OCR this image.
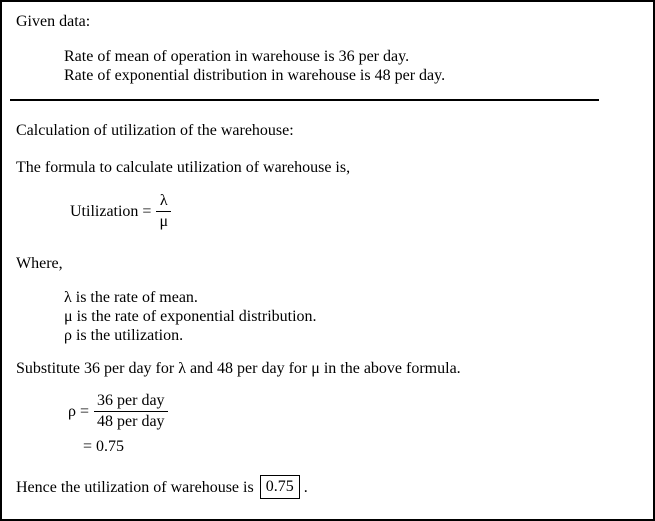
Given data:

Rate of mean of operation in warehouse is 36 per day.

Rate of exponential distribution in warehouse is 48 per day.

Calculation of utilization of the warehouse:

The formula to calculate utilization of warehouse is,

Utilization = $\frac{\lambda}{\mu}$

Where,

λ is the rate of mean.

μ is the rate of exponential distribution.

ρ is the utilization.

Substitute 36 per day for λ and 48 per day for μ in the above formula.

$\rho = \frac{\text{36 per day}}{\text{48 per day}}$

= 0.75

Hence the utilization of warehouse is 0.75 .
